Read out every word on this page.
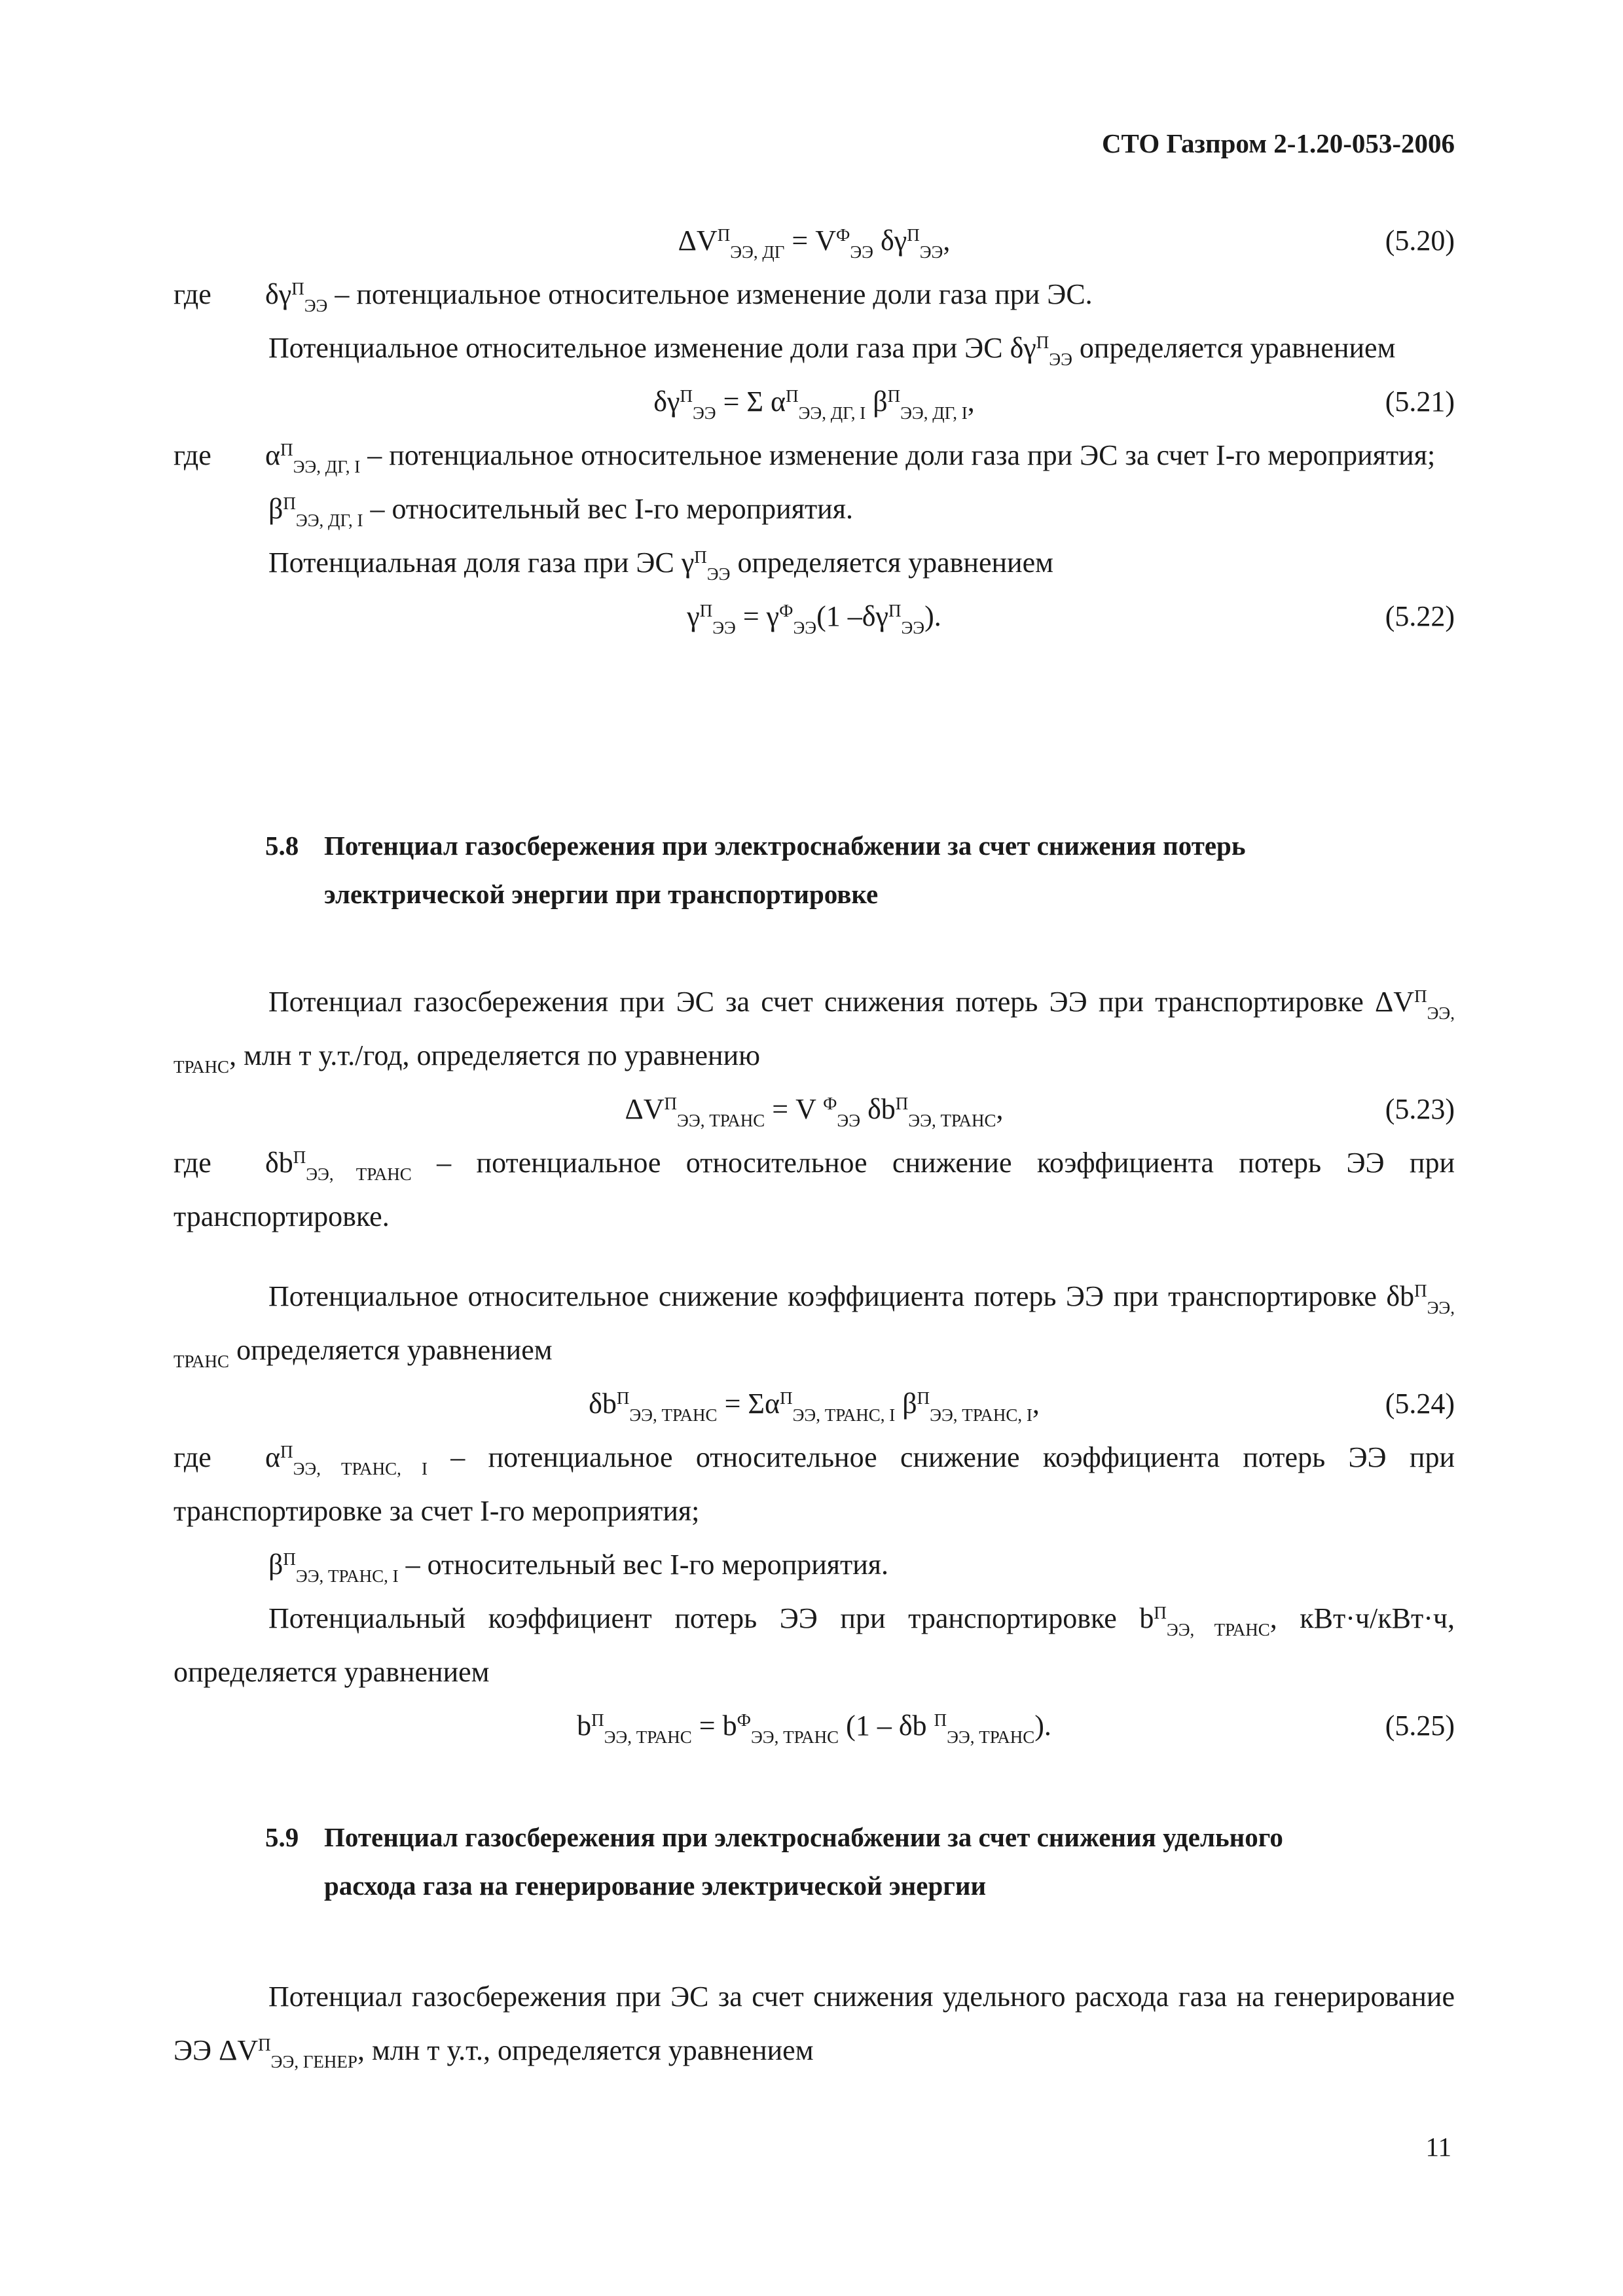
СТО Газпром 2-1.20-053-2006
$\Delta V^П_{ЭЭ, ДГ} = V^Ф_{ЭЭ}$ $\delta\gamma^П_{ЭЭ}$,	(5.20)

где $\delta\gamma^П_{ЭЭ}$ – потенциальное относительное изменение доли газа при ЭС.

Потенциальное относительное изменение доли газа при ЭС $\delta\gamma^П_{ЭЭ}$ определяется уравнением

$\delta\gamma^П_{ЭЭ} = \Sigma$ $\alpha^П_{ЭЭ, ДГ, I}$ $\beta^П_{ЭЭ, ДГ, I}$,	(5.21)

где $\alpha^П_{ЭЭ, ДГ, I}$ – потенциальное относительное изменение доли газа при ЭС за счет I-го мероприятия;

$\beta^П_{ЭЭ, ДГ, I}$ – относительный вес I-го мероприятия.

Потенциальная доля газа при ЭС $\gamma^П_{ЭЭ}$ определяется уравнением

$\gamma^П_{ЭЭ} = \gamma^Ф_{ЭЭ}(1$ $-\delta\gamma^П_{ЭЭ}$).	(5.22)
5.8 Потенциал газосбережения при электроснабжении за счет снижения потерь
электрической энергии при транспортировке

Потенциал газосбережения при ЭС за счет снижения потерь ЭЭ при транспортировке $\Delta V^П_{ЭЭ, ТРАНС}$, млн т у.т./год, определяется по уравнению

$\Delta V^П_{ЭЭ, ТРАНС} = V$ $^Ф_{ЭЭ}$ $\delta b^П_{ЭЭ, ТРАНС}$,	(5.23)

где $\delta b^П_{ЭЭ, ТРАНС}$ – потенциальное относительное снижение коэффициента потерь ЭЭ при транспортировке.

Потенциальное относительное снижение коэффициента потерь ЭЭ при транспортировке $\delta b^П_{ЭЭ, ТРАНС}$ определяется уравнением

$\delta b^П_{ЭЭ, ТРАНС} = \Sigma\alpha^П_{ЭЭ, ТРАНС, I}$ $\beta^П_{ЭЭ, ТРАНС, I}$,	(5.24)

где $\alpha^П_{ЭЭ, ТРАНС, I}$ – потенциальное относительное снижение коэффициента потерь ЭЭ при транспортировке за счет I-го мероприятия;

$\beta^П_{ЭЭ, ТРАНС, I}$ – относительный вес I-го мероприятия.

Потенциальный коэффициент потерь ЭЭ при транспортировке $b^П_{ЭЭ, ТРАНС}$, кВт·ч/кВт·ч, определяется уравнением

$b^П_{ЭЭ, ТРАНС} = b^Ф_{ЭЭ, ТРАНС}$ (1 – δb $^П_{ЭЭ, ТРАНС}$).	(5.25)
5.9 Потенциал газосбережения при электроснабжении за счет снижения удельного
расхода газа на генерирование электрической энергии

Потенциал газосбережения при ЭС за счет снижения удельного расхода газа на генерирование ЭЭ $\Delta V^П_{ЭЭ, ГЕНЕР}$, млн т у.т., определяется уравнением

11
